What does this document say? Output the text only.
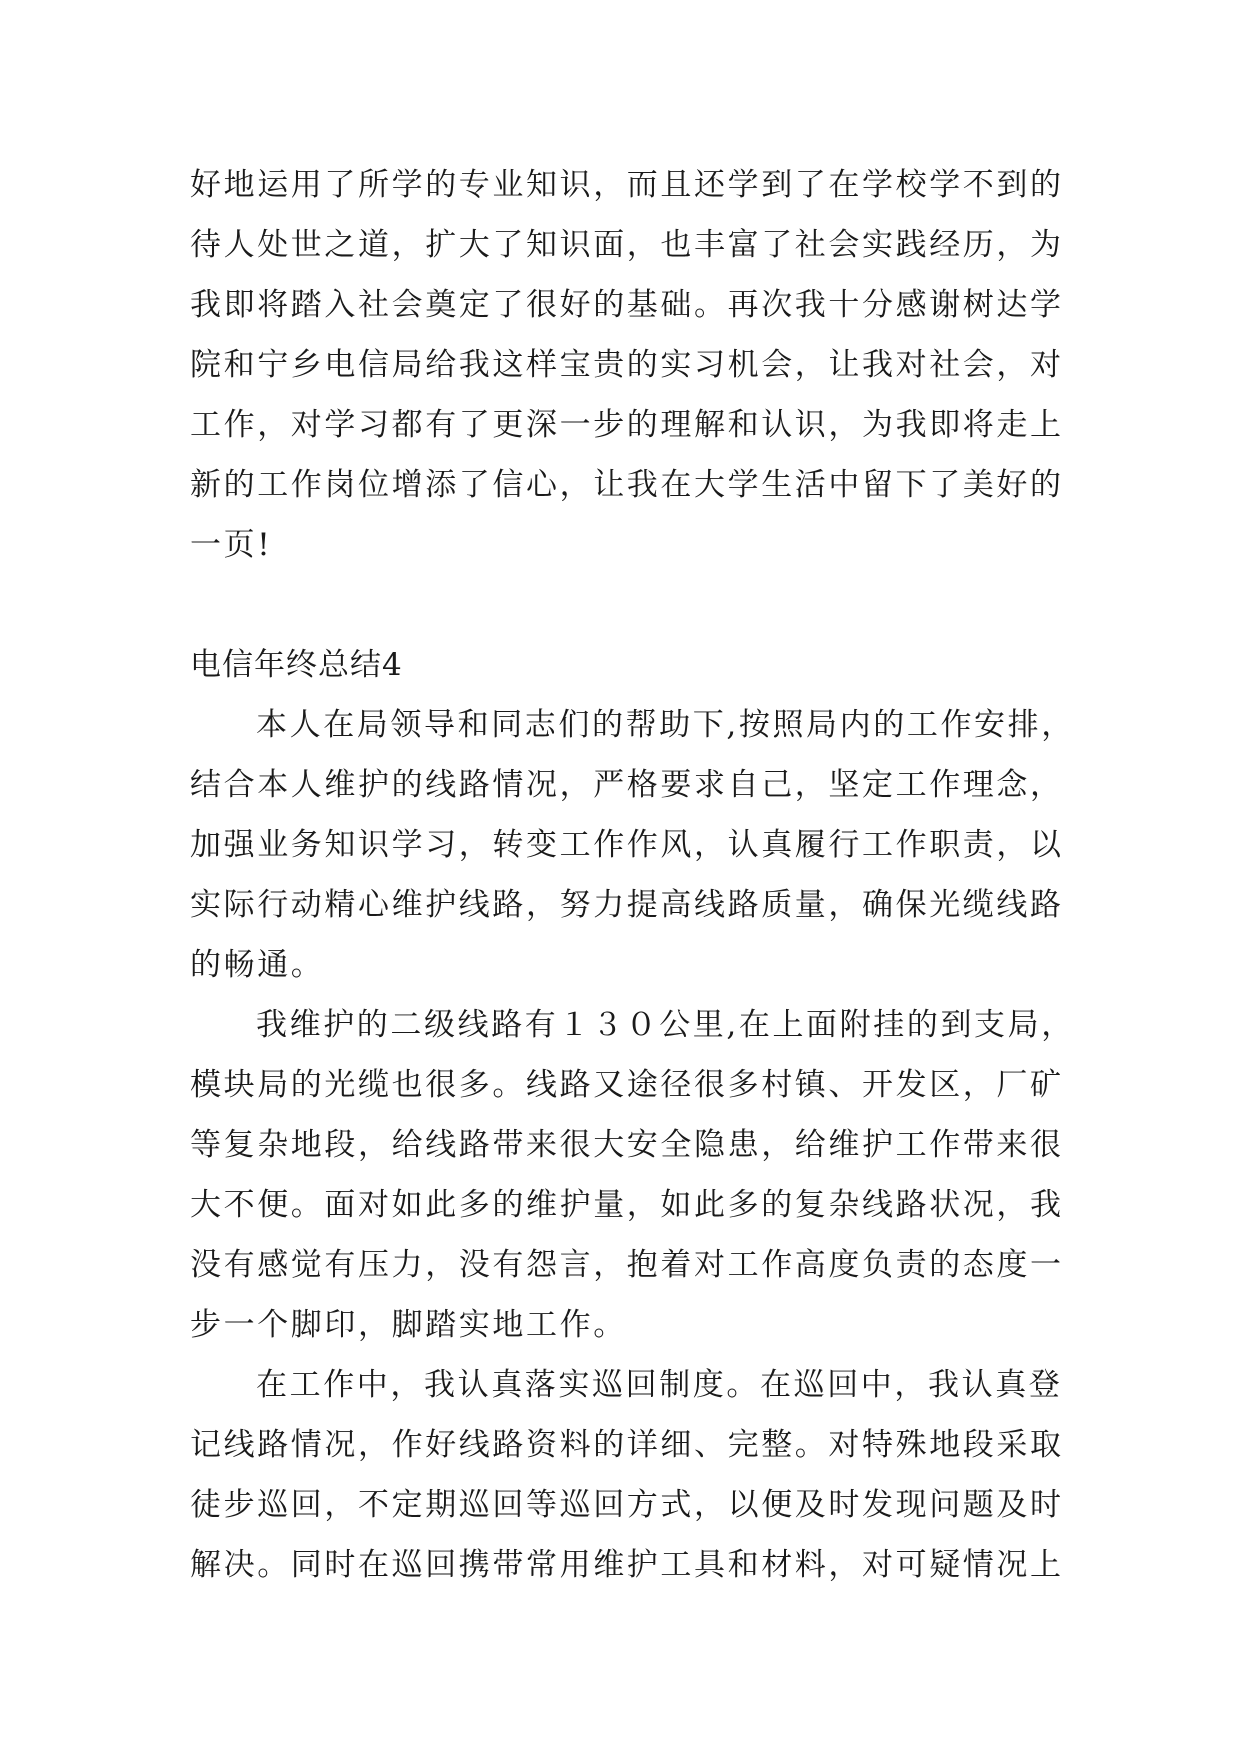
好地运用了所学的专业知识，而且还学到了在学校学不到的
待人处世之道，扩大了知识面，也丰富了社会实践经历，为
我即将踏入社会奠定了很好的基础。再次我十分感谢树达学
院和宁乡电信局给我这样宝贵的实习机会，让我对社会，对
工作，对学习都有了更深一步的理解和认识，为我即将走上
新的工作岗位增添了信心，让我在大学生活中留下了美好的
一页!
电信年终总结4
本人在局领导和同志们的帮助下,按照局内的工作安排，
结合本人维护的线路情况，严格要求自己，坚定工作理念，
加强业务知识学习，转变工作作风，认真履行工作职责，以
实际行动精心维护线路，努力提高线路质量，确保光缆线路
的畅通。
我维护的二级线路有１３０公里,在上面附挂的到支局，
模块局的光缆也很多。线路又途径很多村镇、开发区，厂矿
等复杂地段，给线路带来很大安全隐患，给维护工作带来很
大不便。面对如此多的维护量，如此多的复杂线路状况，我
没有感觉有压力，没有怨言，抱着对工作高度负责的态度一
步一个脚印，脚踏实地工作。
在工作中，我认真落实巡回制度。在巡回中，我认真登
记线路情况，作好线路资料的详细、完整。对特殊地段采取
徒步巡回，不定期巡回等巡回方式，以便及时发现问题及时
解决。同时在巡回携带常用维护工具和材料，对可疑情况上
